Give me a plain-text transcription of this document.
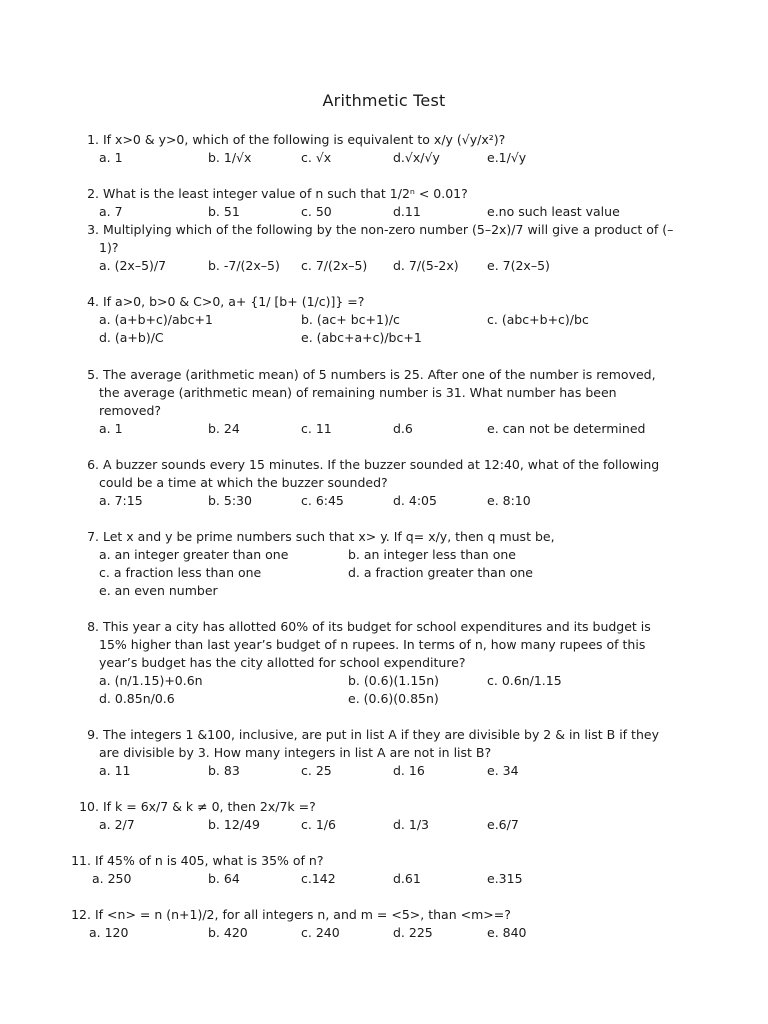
Arithmetic Test
1. If x>0 & y>0, which of the following is equivalent to x/y (√y/x²)?
a. 1	b. 1/√x	c. √x	d.√x/√y	e.1/√y
2. What is the least integer value of n such that 1/2ⁿ < 0.01?
a. 7	b. 51	c. 50	d.11	e.no such least value
3. Multiplying which of the following by the non-zero number (5–2x)/7 will give a product of (–
1)?
a. (2x–5)/7	b. -7/(2x–5) c. 7/(2x–5) d. 7/(5-2x) e. 7(2x–5)
4. If a>0, b>0 & C>0, a+ {1/ [b+ (1/c)]} =?
a. (a+b+c)/abc+1	b. (ac+ bc+1)/c	c. (abc+b+c)/bc
d. (a+b)/C	e. (abc+a+c)/bc+1
5. The average (arithmetic mean) of 5 numbers is 25. After one of the number is removed,
the average (arithmetic mean) of remaining number is 31. What number has been
removed?
a. 1	b. 24	c. 11	d.6	e. can not be determined
6. A buzzer sounds every 15 minutes. If the buzzer sounded at 12:40, what of the following
could be a time at which the buzzer sounded?
a. 7:15	b. 5:30	c. 6:45	d. 4:05	e. 8:10
7. Let x and y be prime numbers such that x> y. If q= x/y, then q must be,
a. an integer greater than one	b. an integer less than one
c. a fraction less than one	d. a fraction greater than one
e. an even number
8. This year a city has allotted 60% of its budget for school expenditures and its budget is
15% higher than last year’s budget of n rupees. In terms of n, how many rupees of this
year’s budget has the city allotted for school expenditure?
a. (n/1.15)+0.6n	b. (0.6)(1.15n)	c. 0.6n/1.15
d. 0.85n/0.6	e. (0.6)(0.85n)
9. The integers 1 &100, inclusive, are put in list A if they are divisible by 2 & in list B if they
are divisible by 3. How many integers in list A are not in list B?
a. 11	b. 83	c. 25	d. 16	e. 34
10. If k = 6x/7 & k ≠ 0, then 2x/7k =?
a. 2/7	b. 12/49	c. 1/6	d. 1/3	e.6/7
11. If 45% of n is 405, what is 35% of n?
a. 250	b. 64	c.142	d.61	e.315
12. If <n> = n (n+1)/2, for all integers n, and m = <5>, than <m>=?
a. 120	b. 420	c. 240	d. 225	e. 840
